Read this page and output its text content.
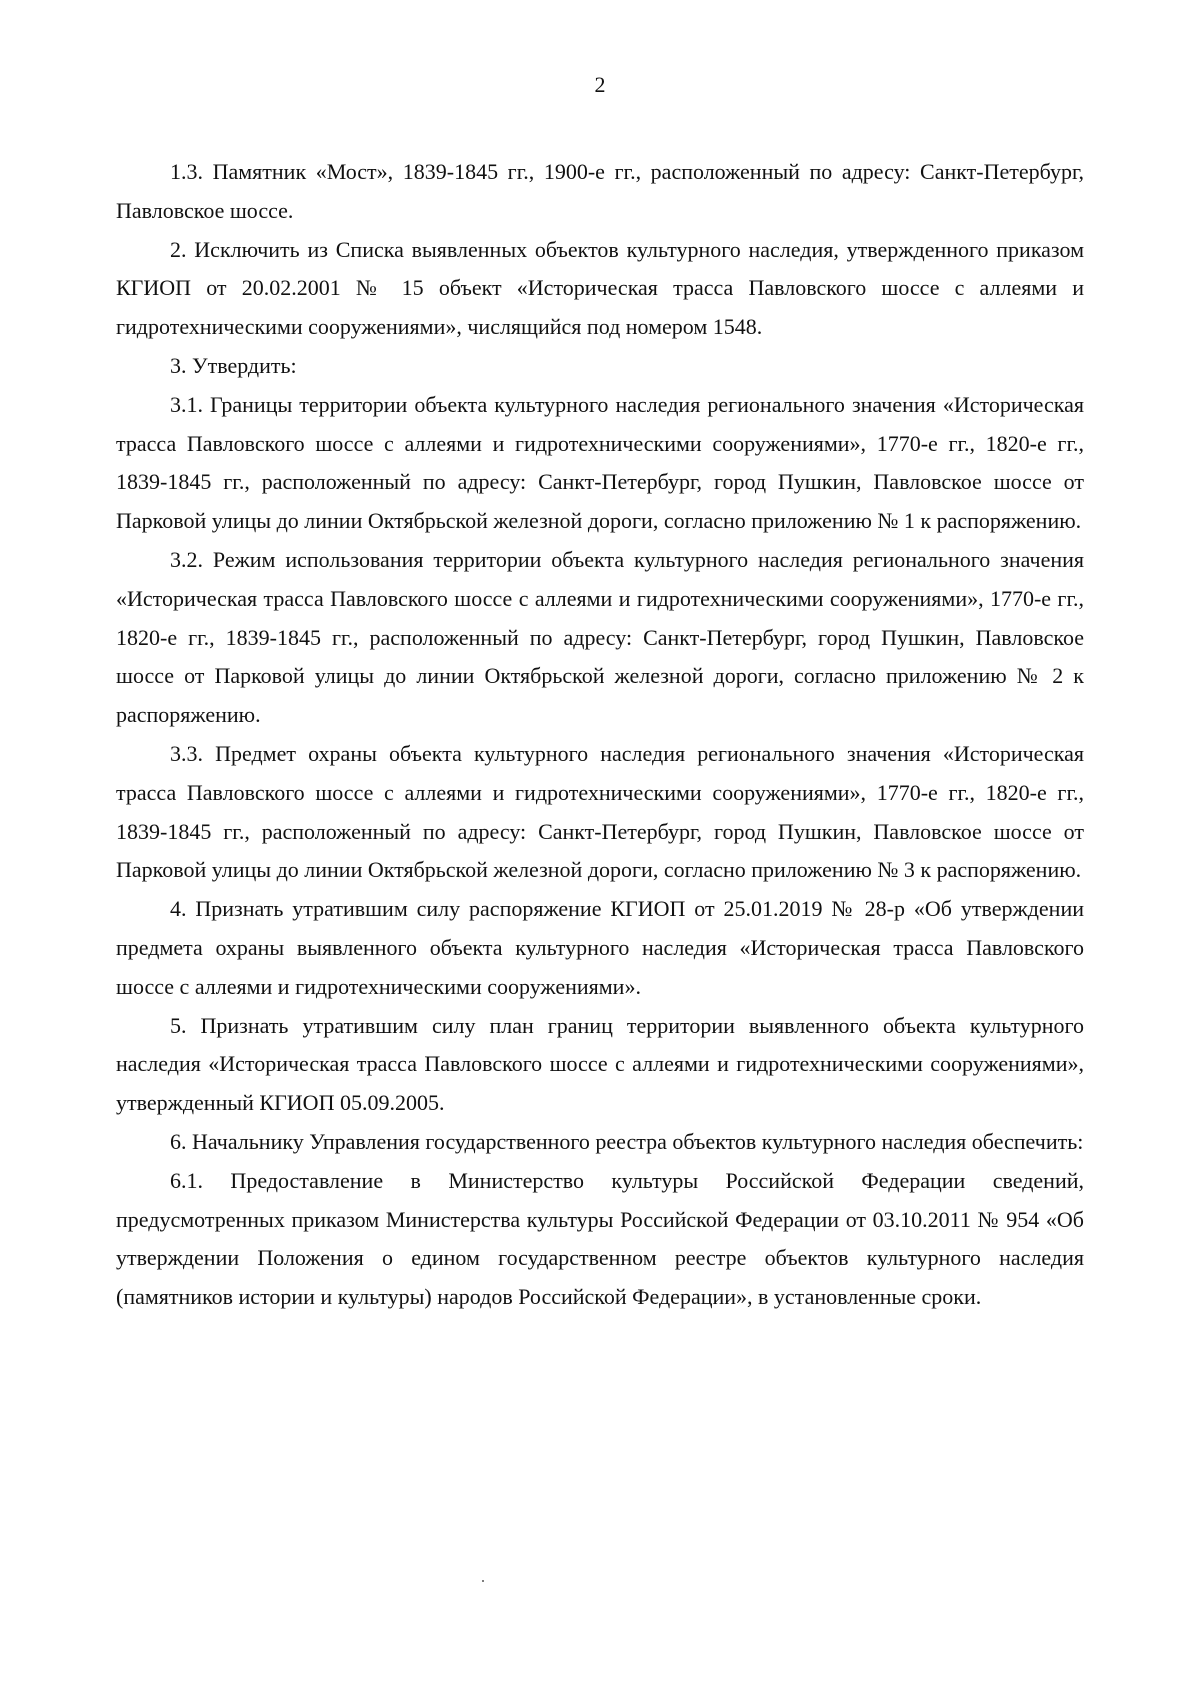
2

1.3. Памятник «Мост», 1839-1845 гг., 1900-е гг., расположенный по адресу: Санкт-Петербург, Павловское шоссе.

2. Исключить из Списка выявленных объектов культурного наследия, утвержденного приказом КГИОП от 20.02.2001 № 15 объект «Историческая трасса Павловского шоссе с аллеями и гидротехническими сооружениями», числящийся под номером 1548.

3. Утвердить:

3.1. Границы территории объекта культурного наследия регионального значения «Историческая трасса Павловского шоссе с аллеями и гидротехническими сооружениями», 1770-е гг., 1820-е гг., 1839-1845 гг., расположенный по адресу: Санкт-Петербург, город Пушкин, Павловское шоссе от Парковой улицы до линии Октябрьской железной дороги, согласно приложению № 1 к распоряжению.

3.2. Режим использования территории объекта культурного наследия регионального значения «Историческая трасса Павловского шоссе с аллеями и гидротехническими сооружениями», 1770-е гг., 1820-е гг., 1839-1845 гг., расположенный по адресу: Санкт-Петербург, город Пушкин, Павловское шоссе от Парковой улицы до линии Октябрьской железной дороги, согласно приложению № 2 к распоряжению.

3.3. Предмет охраны объекта культурного наследия регионального значения «Историческая трасса Павловского шоссе с аллеями и гидротехническими сооружениями», 1770-е гг., 1820-е гг., 1839-1845 гг., расположенный по адресу: Санкт-Петербург, город Пушкин, Павловское шоссе от Парковой улицы до линии Октябрьской железной дороги, согласно приложению № 3 к распоряжению.

4. Признать утратившим силу распоряжение КГИОП от 25.01.2019 № 28-р «Об утверждении предмета охраны выявленного объекта культурного наследия «Историческая трасса Павловского шоссе с аллеями и гидротехническими сооружениями».

5. Признать утратившим силу план границ территории выявленного объекта культурного наследия «Историческая трасса Павловского шоссе с аллеями и гидротехническими сооружениями», утвержденный КГИОП 05.09.2005.

6. Начальнику Управления государственного реестра объектов культурного наследия обеспечить:

6.1. Предоставление в Министерство культуры Российской Федерации сведений, предусмотренных приказом Министерства культуры Российской Федерации от 03.10.2011 № 954 «Об утверждении Положения о едином государственном реестре объектов культурного наследия (памятников истории и культуры) народов Российской Федерации», в установленные сроки.
